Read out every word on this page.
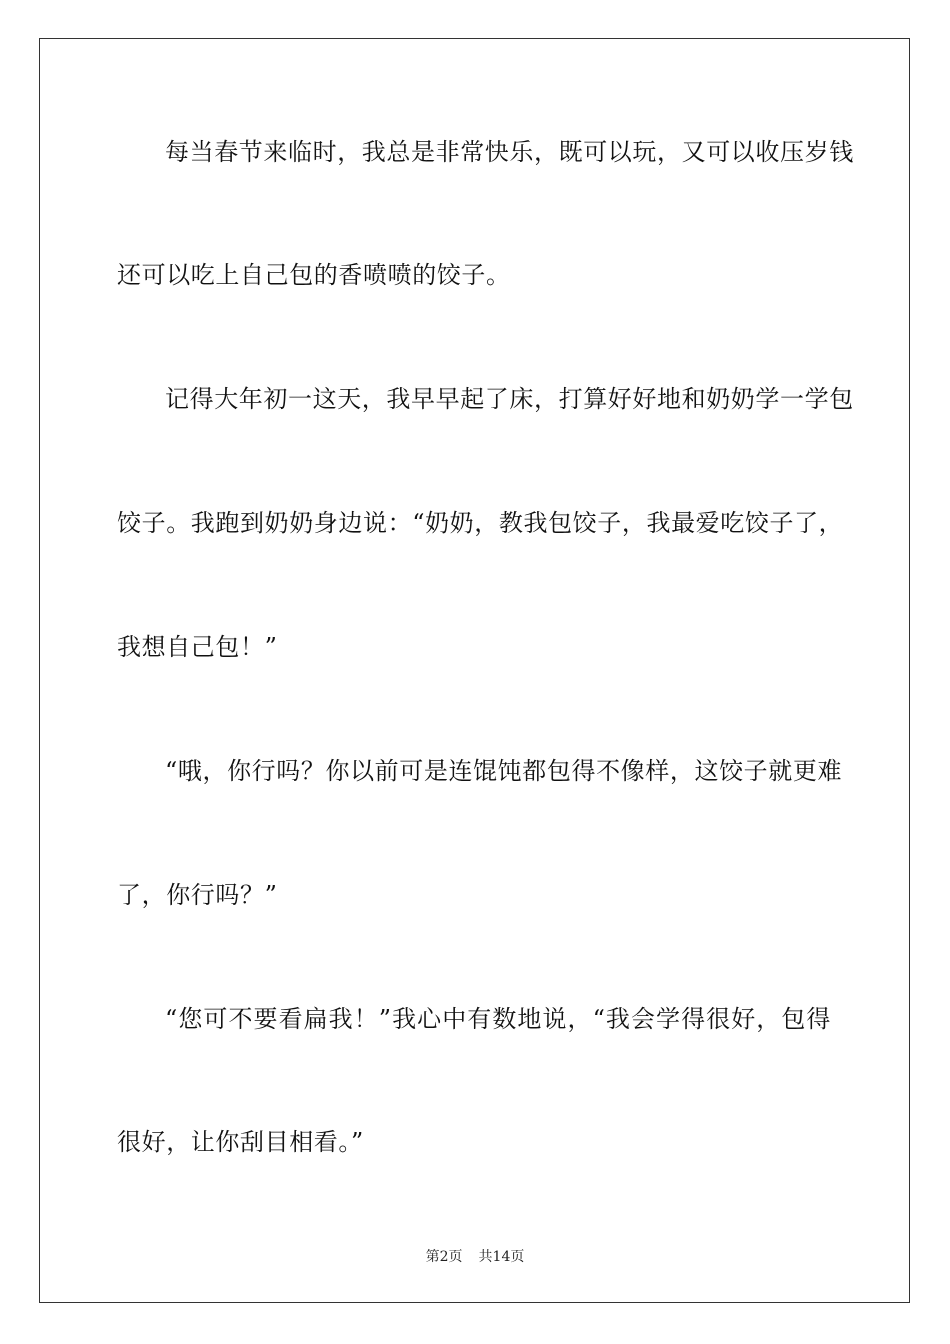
每当春节来临时，我总是非常快乐，既可以玩，又可以收压岁钱
还可以吃上自己包的香喷喷的饺子。
记得大年初一这天，我早早起了床，打算好好地和奶奶学一学包
饺子。我跑到奶奶身边说：“奶奶，教我包饺子，我最爱吃饺子了，
我想自己包！”
“哦，你行吗？你以前可是连馄饨都包得不像样，这饺子就更难
了，你行吗？”
“您可不要看扁我！”我心中有数地说，“我会学得很好，包得
很好，让你刮目相看。”
第2页 共14页
